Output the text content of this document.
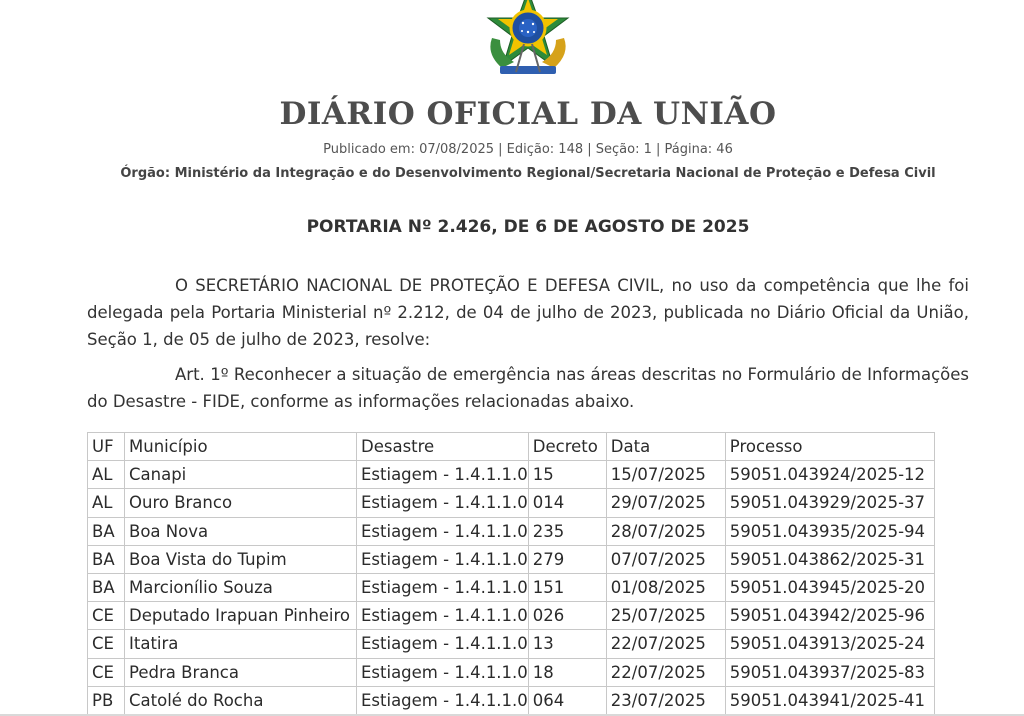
DIÁRIO OFICIAL DA UNIÃO
Publicado em: 07/08/2025 | Edição: 148 | Seção: 1 | Página: 46
Órgão: Ministério da Integração e do Desenvolvimento Regional/Secretaria Nacional de Proteção e Defesa Civil
PORTARIA Nº 2.426, DE 6 DE AGOSTO DE 2025
O SECRETÁRIO NACIONAL DE PROTEÇÃO E DEFESA CIVIL, no uso da competência que lhe foi
delegada pela Portaria Ministerial nº 2.212, de 04 de julho de 2023, publicada no Diário Oficial da União,
Seção 1, de 05 de julho de 2023, resolve:
Art. 1º Reconhecer a situação de emergência nas áreas descritas no Formulário de Informações
do Desastre - FIDE, conforme as informações relacionadas abaixo.
UF	Município	Desastre	Decreto	Data	Processo
AL	Canapi	Estiagem - 1.4.1.1.0	15	15/07/2025	59051.043924/2025-12
AL	Ouro Branco	Estiagem - 1.4.1.1.0	014	29/07/2025	59051.043929/2025-37
BA	Boa Nova	Estiagem - 1.4.1.1.0	235	28/07/2025	59051.043935/2025-94
BA	Boa Vista do Tupim	Estiagem - 1.4.1.1.0	279	07/07/2025	59051.043862/2025-31
BA	Marcionílio Souza	Estiagem - 1.4.1.1.0	151	01/08/2025	59051.043945/2025-20
CE	Deputado Irapuan Pinheiro	Estiagem - 1.4.1.1.0	026	25/07/2025	59051.043942/2025-96
CE	Itatira	Estiagem - 1.4.1.1.0	13	22/07/2025	59051.043913/2025-24
CE	Pedra Branca	Estiagem - 1.4.1.1.0	18	22/07/2025	59051.043937/2025-83
PB	Catolé do Rocha	Estiagem - 1.4.1.1.0	064	23/07/2025	59051.043941/2025-41
